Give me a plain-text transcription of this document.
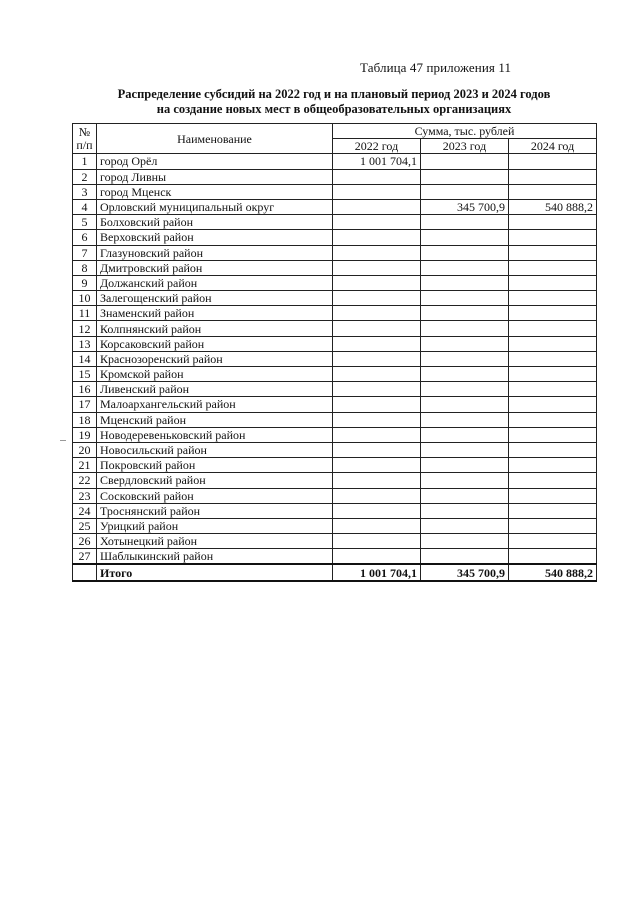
Таблица 47 приложения 11
Распределение субсидий на 2022 год и на плановый период 2023 и 2024 годов
на создание новых мест в общеобразовательных организациях
№
п/п	Наименование	Сумма, тыс. рублей		
		2022 год	2023 год	2024 год
1	город Орёл	1 001 704,1		
2	город Ливны			
3	город Мценск			
4	Орловский муниципальный округ		345 700,9	540 888,2
5	Болховский район			
6	Верховский район			
7	Глазуновский район			
8	Дмитровский район			
9	Должанский район			
10	Залегощенский район			
11	Знаменский район			
12	Колпнянский район			
13	Корсаковский район			
14	Краснозоренский район			
15	Кромской район			
16	Ливенский район			
17	Малоархангельский район			
18	Мценский район			
19	Новодеревеньковский район			
20	Новосильский район			
21	Покровский район			
22	Свердловский район			
23	Сосковский район			
24	Троснянский район			
25	Урицкий район			
26	Хотынецкий район			
27	Шаблыкинский район			
	Итого	1 001 704,1	345 700,9	540 888,2
